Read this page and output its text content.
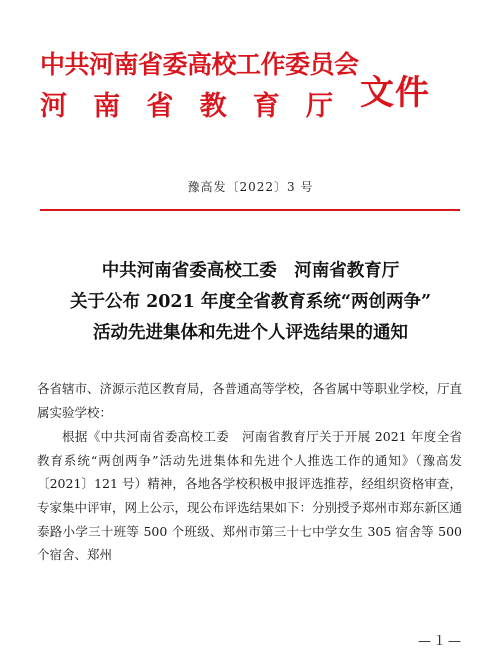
中共河南省委高校工作委员会
河 南 省 教 育 厅 文件
豫高发〔2022〕3 号
中共河南省委高校工委　河南省教育厅
关于公布 2021 年度全省教育系统“两创两争”
活动先进集体和先进个人评选结果的通知

各省辖市、济源示范区教育局，各普通高等学校，各省属中等职业学校，厅直属实验学校：

根据《中共河南省委高校工委　河南省教育厅关于开展 2021 年度全省教育系统“两创两争”活动先进集体和先进个人推选工作的通知》（豫高发〔2021〕121 号）精神，各地各学校积极申报评选推荐，经组织资格审查，专家集中评审，网上公示，现公布评选结果如下：分别授予郑州市郑东新区通泰路小学三十班等 500 个班级、郑州市第三十七中学女生 305 宿舍等 500 个宿舍、郑州

—１—
